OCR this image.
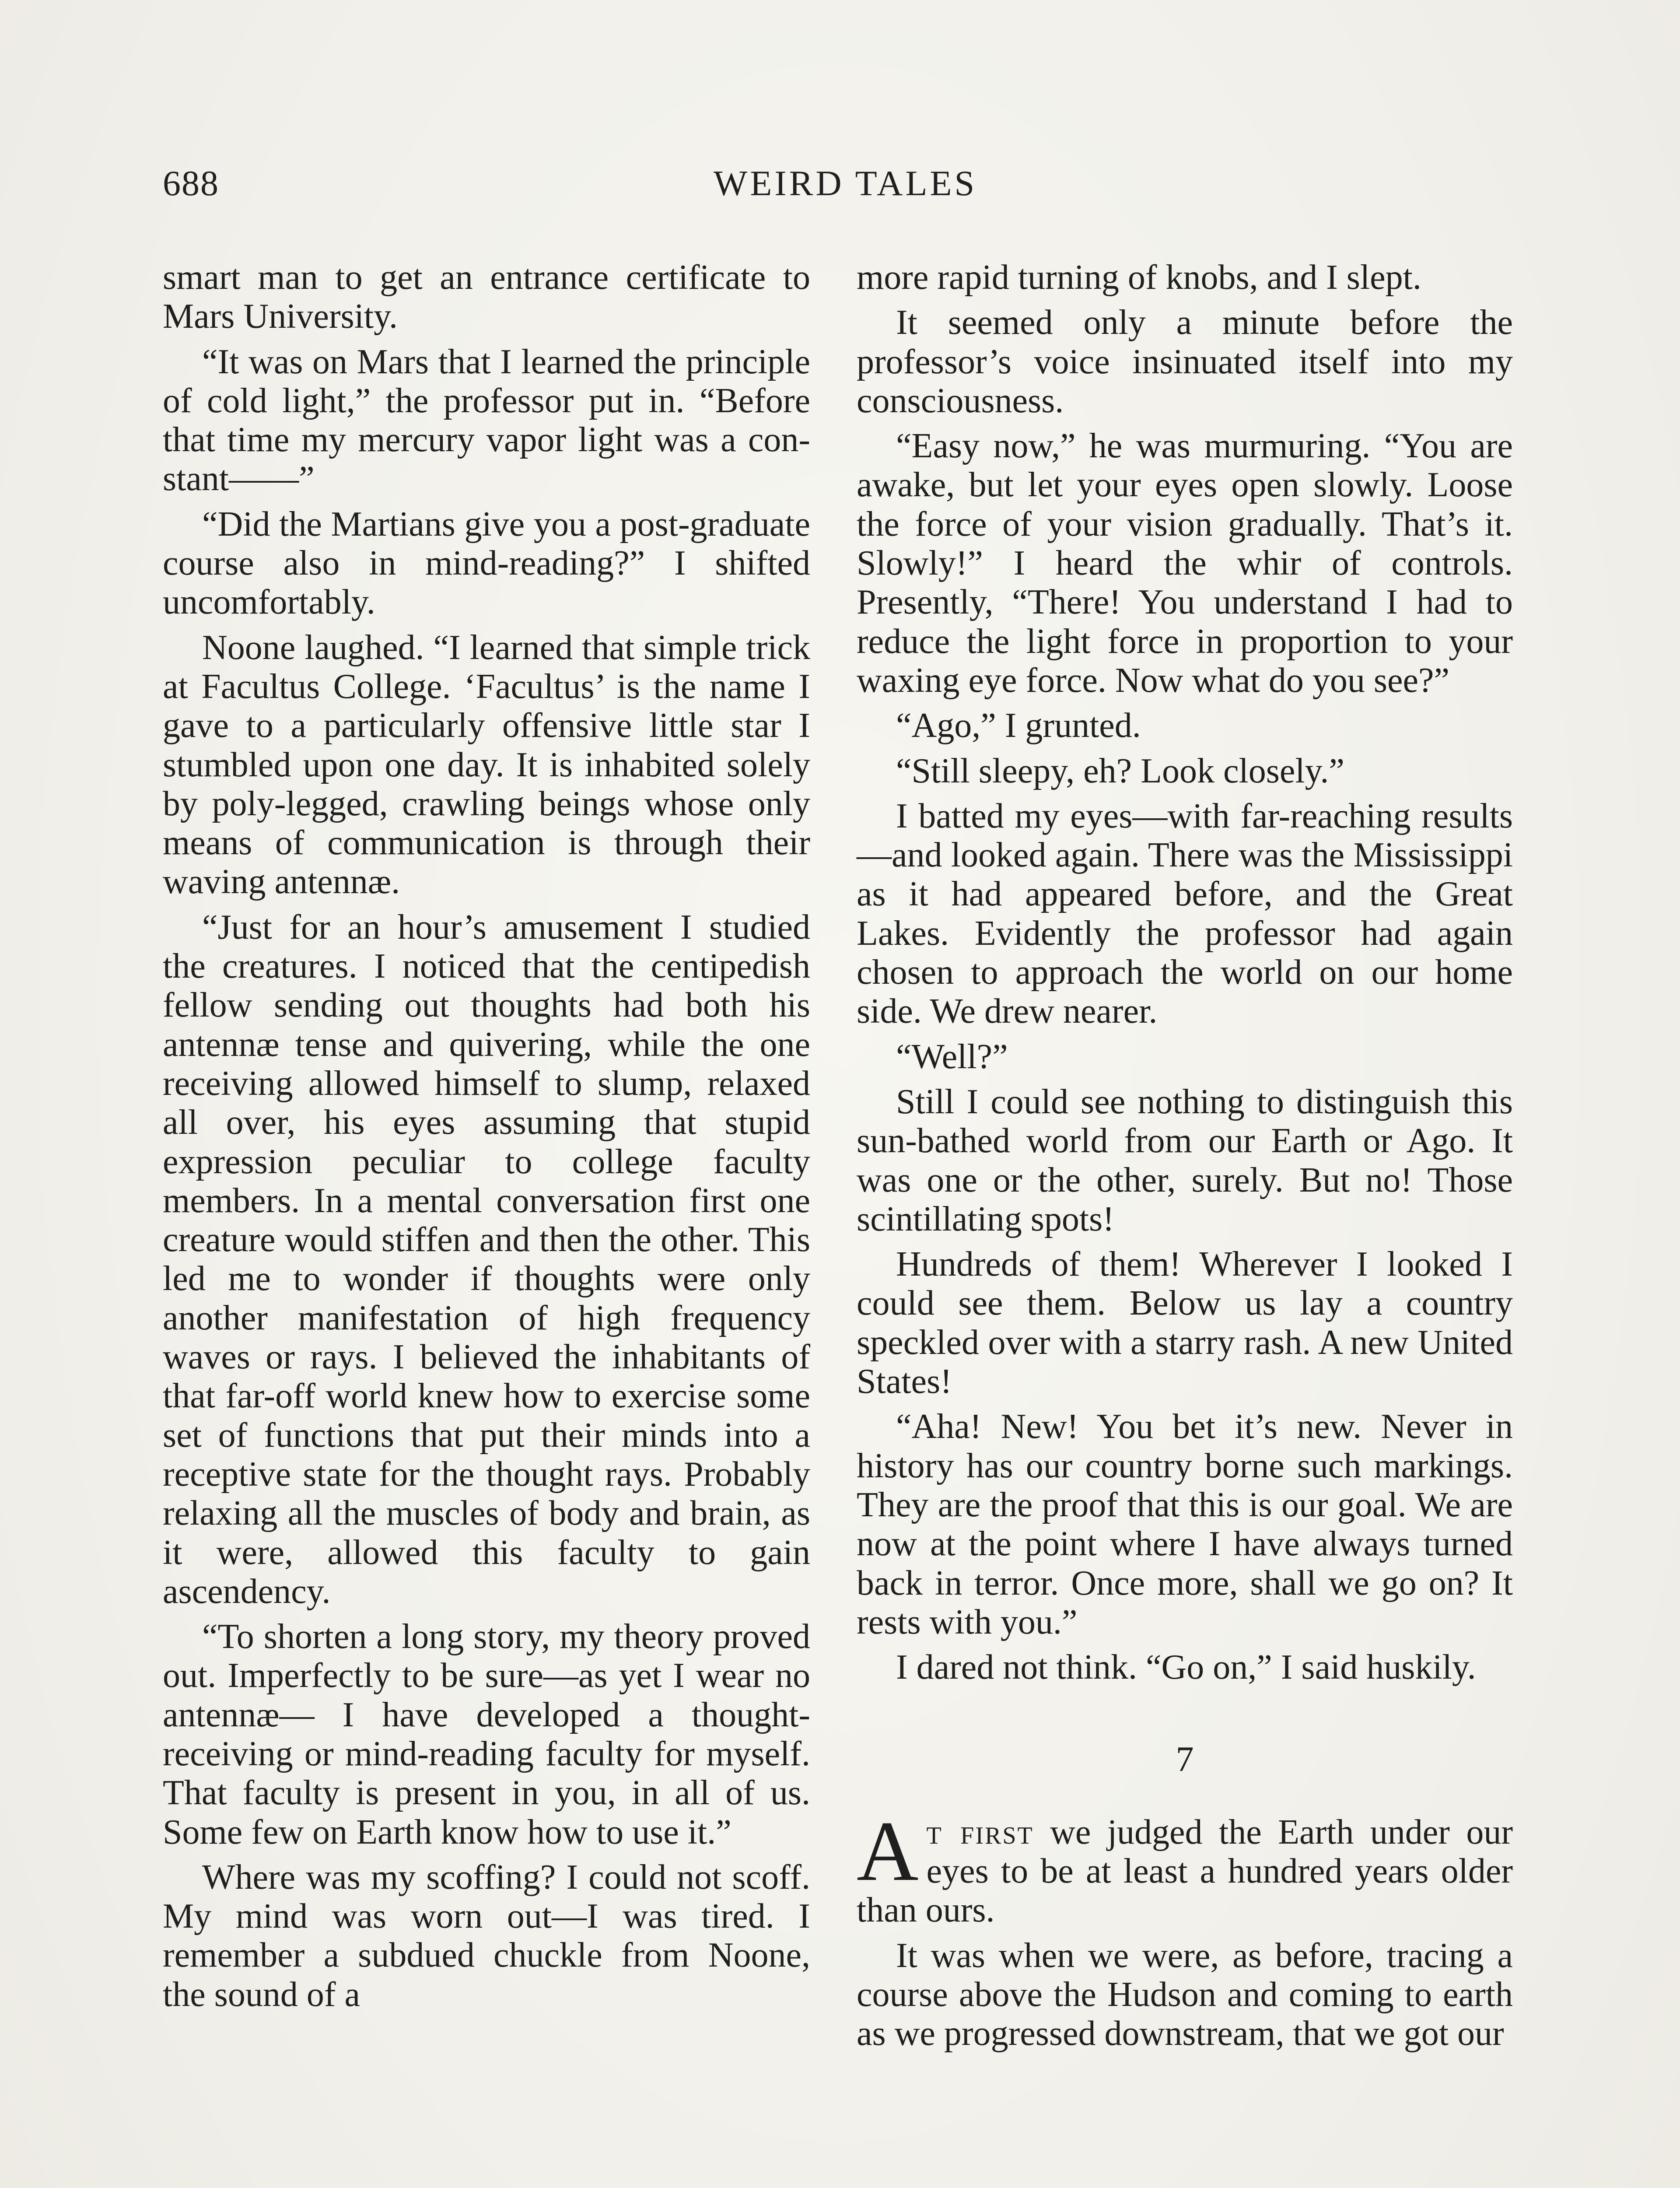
688	WEIRD TALES

smart man to get an entrance certificate to Mars University.

“It was on Mars that I learned the principle of cold light,” the professor put in. “Before that time my mercury vapor light was a constant——”

“Did the Martians give you a post-graduate course also in mind-reading?” I shifted uncomfortably.

Noone laughed. “I learned that simple trick at Facultus College. ‘Facultus’ is the name I gave to a particularly offensive little star I stumbled upon one day. It is inhabited solely by poly-legged, crawling beings whose only means of communication is through their waving antennæ.

“Just for an hour’s amusement I studied the creatures. I noticed that the centipedish fellow sending out thoughts had both his antennæ tense and quivering, while the one receiving allowed himself to slump, relaxed all over, his eyes assuming that stupid expression peculiar to college faculty members. In a mental conversation first one creature would stiffen and then the other. This led me to wonder if thoughts were only another manifestation of high frequency waves or rays. I believed the inhabitants of that far-off world knew how to exercise some set of functions that put their minds into a receptive state for the thought rays. Probably relaxing all the muscles of body and brain, as it were, allowed this faculty to gain ascendency.

“To shorten a long story, my theory proved out. Imperfectly to be sure—as yet I wear no antennæ— I have developed a thought-receiving or mind-reading faculty for myself. That faculty is present in you, in all of us. Some few on Earth know how to use it.”

Where was my scoffing? I could not scoff. My mind was worn out—I was tired. I remember a subdued chuckle from Noone, the sound of a

more rapid turning of knobs, and I slept.

It seemed only a minute before the professor’s voice insinuated itself into my consciousness.

“Easy now,” he was murmuring. “You are awake, but let your eyes open slowly. Loose the force of your vision gradually. That’s it. Slowly!” I heard the whir of controls. Presently, “There! You understand I had to reduce the light force in proportion to your waxing eye force. Now what do you see?”

“Ago,” I grunted.

“Still sleepy, eh? Look closely.”

I batted my eyes—with far-reaching results—and looked again. There was the Mississippi as it had appeared before, and the Great Lakes. Evidently the professor had again chosen to approach the world on our home side. We drew nearer.

“Well?”

Still I could see nothing to distinguish this sun-bathed world from our Earth or Ago. It was one or the other, surely. But no! Those scintillating spots!

Hundreds of them! Wherever I looked I could see them. Below us lay a country speckled over with a starry rash. A new United States!

“Aha! New! You bet it’s new. Never in history has our country borne such markings. They are the proof that this is our goal. We are now at the point where I have always turned back in terror. Once more, shall we go on? It rests with you.”

I dared not think. “Go on,” I said huskily.

7

At first we judged the Earth under our eyes to be at least a hundred years older than ours.

It was when we were, as before, tracing a course above the Hudson and coming to earth as we progressed downstream, that we got our
